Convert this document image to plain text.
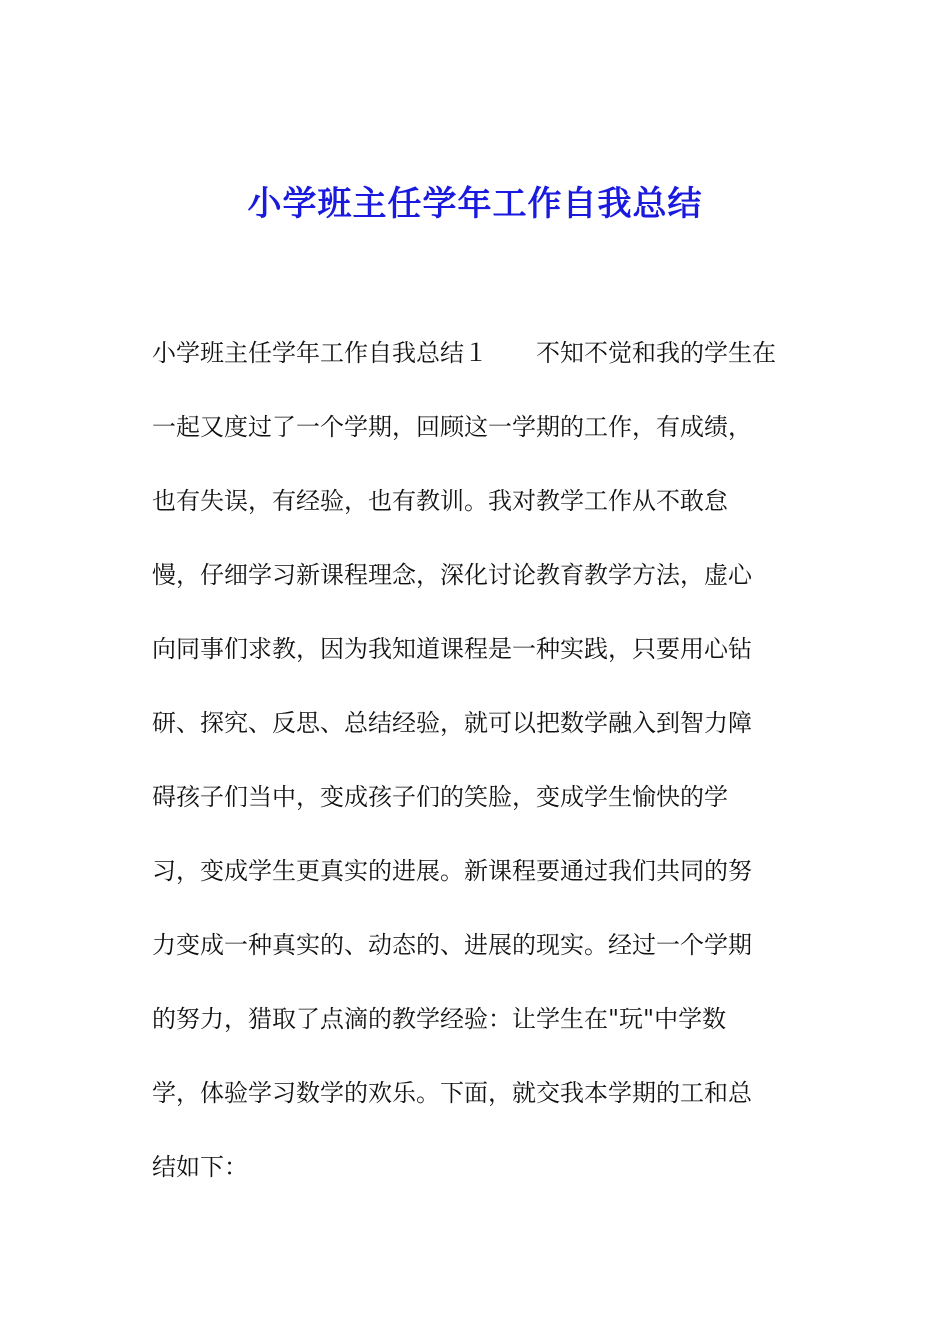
小学班主任学年工作自我总结
小学班主任学年工作自我总结１　　不知不觉和我的学生在
一起又度过了一个学期，回顾这一学期的工作，有成绩，
也有失误，有经验，也有教训。我对教学工作从不敢怠
慢，仔细学习新课程理念，深化讨论教育教学方法，虚心
向同事们求教，因为我知道课程是一种实践，只要用心钻
研、探究、反思、总结经验，就可以把数学融入到智力障
碍孩子们当中，变成孩子们的笑脸，变成学生愉快的学
习，变成学生更真实的进展。新课程要通过我们共同的努
力变成一种真实的、动态的、进展的现实。经过一个学期
的努力，猎取了点滴的教学经验：让学生在"玩"中学数
学，体验学习数学的欢乐。下面，就交我本学期的工和总
结如下：
